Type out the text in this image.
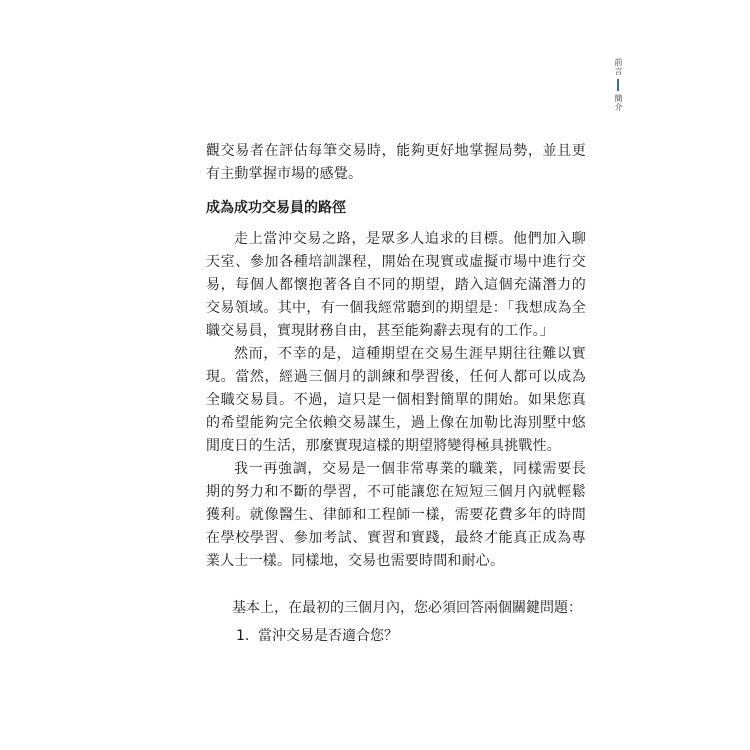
前言
簡介

觀交易者在評估每筆交易時，能夠更好地掌握局勢，並且更有主動掌握市場的感覺。

成為成功交易員的路徑

走上當沖交易之路，是眾多人追求的目標。他們加入聊天室、參加各種培訓課程，開始在現實或虛擬市場中進行交易，每個人都懷抱著各自不同的期望，踏入這個充滿潛力的交易領域。其中，有一個我經常聽到的期望是：「我想成為全職交易員，實現財務自由，甚至能夠辭去現有的工作。」

然而，不幸的是，這種期望在交易生涯早期往往難以實現。當然，經過三個月的訓練和學習後，任何人都可以成為全職交易員。不過，這只是一個相對簡單的開始。如果您真的希望能夠完全依賴交易謀生，過上像在加勒比海別墅中悠閒度日的生活，那麼實現這樣的期望將變得極具挑戰性。

我一再強調，交易是一個非常專業的職業，同樣需要長期的努力和不斷的學習，不可能讓您在短短三個月內就輕鬆獲利。就像醫生、律師和工程師一樣，需要花費多年的時間在學校學習、參加考試、實習和實踐，最終才能真正成為專業人士一樣。同樣地，交易也需要時間和耐心。

基本上，在最初的三個月內，您必須回答兩個關鍵問題：

1. 當沖交易是否適合您？
